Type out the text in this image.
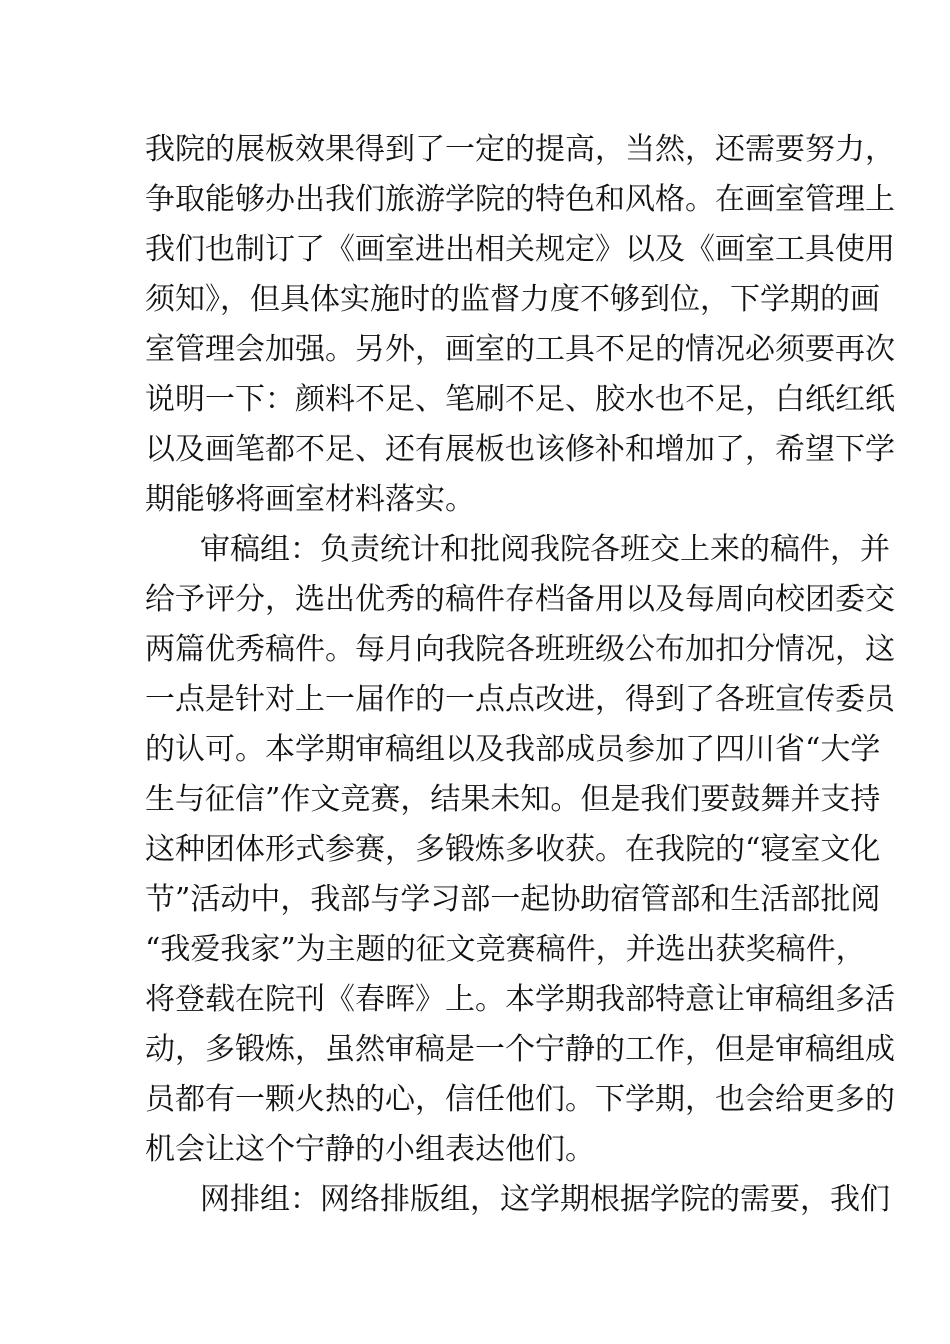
我院的展板效果得到了一定的提高，当然，还需要努力，
争取能够办出我们旅游学院的特色和风格。在画室管理上
我们也制订了《画室进出相关规定》以及《画室工具使用
须知》，但具体实施时的监督力度不够到位，下学期的画
室管理会加强。另外，画室的工具不足的情况必须要再次
说明一下：颜料不足、笔刷不足、胶水也不足，白纸红纸
以及画笔都不足、还有展板也该修补和增加了，希望下学
期能够将画室材料落实。
审稿组：负责统计和批阅我院各班交上来的稿件，并
给予评分，选出优秀的稿件存档备用以及每周向校团委交
两篇优秀稿件。每月向我院各班班级公布加扣分情况，这
一点是针对上一届作的一点点改进，得到了各班宣传委员
的认可。本学期审稿组以及我部成员参加了四川省“大学
生与征信”作文竞赛，结果未知。但是我们要鼓舞并支持
这种团体形式参赛，多锻炼多收获。在我院的“寝室文化
节”活动中，我部与学习部一起协助宿管部和生活部批阅
“我爱我家”为主题的征文竞赛稿件，并选出获奖稿件，
将登载在院刊《春晖》上。本学期我部特意让审稿组多活
动，多锻炼，虽然审稿是一个宁静的工作，但是审稿组成
员都有一颗火热的心，信任他们。下学期，也会给更多的
机会让这个宁静的小组表达他们。
网排组：网络排版组，这学期根据学院的需要，我们
